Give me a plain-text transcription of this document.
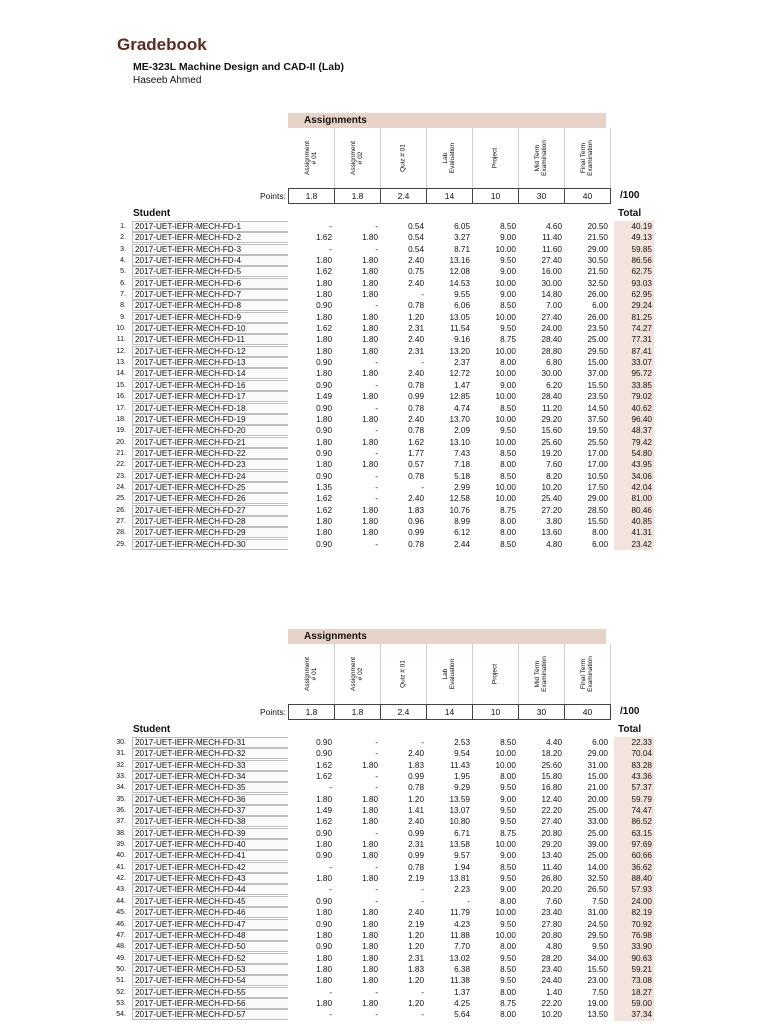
Gradebook
ME-323L Machine Design and CAD-II (Lab)
Haseeb Ahmed
Assignments
Assignment
# 01	Assignment
# 02	Quiz # 01	Lab
Evaluation	Project	Mid Term
Examination	Final Term
Examination
Points:	1.8	1.8	2.4	14	10	30	40	/100
Student	Total
1.	2017-UET-IEFR-MECH-FD-1	-	-	0.54	6.05	8.50	4.60	20.50	40.19
2.	2017-UET-IEFR-MECH-FD-2	1.62	1.80	0.54	3.27	9.00	11.40	21.50	49.13
3.	2017-UET-IEFR-MECH-FD-3	-	-	0.54	8.71	10.00	11.60	29.00	59.85
4.	2017-UET-IEFR-MECH-FD-4	1.80	1.80	2.40	13.16	9.50	27.40	30.50	86.56
5.	2017-UET-IEFR-MECH-FD-5	1.62	1.80	0.75	12.08	9.00	16.00	21.50	62.75
6.	2017-UET-IEFR-MECH-FD-6	1.80	1.80	2.40	14.53	10.00	30.00	32.50	93.03
7.	2017-UET-IEFR-MECH-FD-7	1.80	1.80	-	9.55	9.00	14.80	26.00	62.95
8.	2017-UET-IEFR-MECH-FD-8	0.90	-	0.78	6.06	8.50	7.00	6.00	29.24
9.	2017-UET-IEFR-MECH-FD-9	1.80	1.80	1.20	13.05	10.00	27.40	26.00	81.25
10.	2017-UET-IEFR-MECH-FD-10	1.62	1.80	2.31	11.54	9.50	24.00	23.50	74.27
11.	2017-UET-IEFR-MECH-FD-11	1.80	1.80	2.40	9.16	8.75	28.40	25.00	77.31
12.	2017-UET-IEFR-MECH-FD-12	1.80	1.80	2.31	13.20	10.00	28.80	29.50	87.41
13.	2017-UET-IEFR-MECH-FD-13	0.90	-	-	2.37	8.00	6.80	15.00	33.07
14.	2017-UET-IEFR-MECH-FD-14	1.80	1.80	2.40	12.72	10.00	30.00	37.00	95.72
15.	2017-UET-IEFR-MECH-FD-16	0.90	-	0.78	1.47	9.00	6.20	15.50	33.85
16.	2017-UET-IEFR-MECH-FD-17	1.49	1.80	0.99	12.85	10.00	28.40	23.50	79.02
17.	2017-UET-IEFR-MECH-FD-18	0.90	-	0.78	4.74	8.50	11.20	14.50	40.62
18.	2017-UET-IEFR-MECH-FD-19	1.80	1.80	2.40	13.70	10.00	29.20	37.50	96.40
19.	2017-UET-IEFR-MECH-FD-20	0.90	-	0.78	2.09	9.50	15.60	19.50	48.37
20.	2017-UET-IEFR-MECH-FD-21	1.80	1.80	1.62	13.10	10.00	25.60	25.50	79.42
21.	2017-UET-IEFR-MECH-FD-22	0.90	-	1.77	7.43	8.50	19.20	17.00	54.80
22.	2017-UET-IEFR-MECH-FD-23	1.80	1.80	0.57	7.18	8.00	7.60	17.00	43.95
23.	2017-UET-IEFR-MECH-FD-24	0.90	-	0.78	5.18	8.50	8.20	10.50	34.06
24.	2017-UET-IEFR-MECH-FD-25	1.35	-	-	2.99	10.00	10.20	17.50	42.04
25.	2017-UET-IEFR-MECH-FD-26	1.62	-	2.40	12.58	10.00	25.40	29.00	81.00
26.	2017-UET-IEFR-MECH-FD-27	1.62	1.80	1.83	10.76	8.75	27.20	28.50	80.46
27.	2017-UET-IEFR-MECH-FD-28	1.80	1.80	0.96	8.99	8.00	3.80	15.50	40.85
28.	2017-UET-IEFR-MECH-FD-29	1.80	1.80	0.99	6.12	8.00	13.60	8.00	41.31
29.	2017-UET-IEFR-MECH-FD-30	0.90	-	0.78	2.44	8.50	4.80	6.00	23.42
Assignments
Assignment
# 01	Assignment
# 02	Quiz # 01	Lab
Evaluation	Project	Mid Term
Examination	Final Term
Examination
Points:	1.8	1.8	2.4	14	10	30	40	/100
Student	Total
30.	2017-UET-IEFR-MECH-FD-31	0.90	-	-	2.53	8.50	4.40	6.00	22.33
31.	2017-UET-IEFR-MECH-FD-32	0.90	-	2.40	9.54	10.00	18.20	29.00	70.04
32.	2017-UET-IEFR-MECH-FD-33	1.62	1.80	1.83	11.43	10.00	25.60	31.00	83.28
33.	2017-UET-IEFR-MECH-FD-34	1.62	-	0.99	1.95	8.00	15.80	15.00	43.36
34.	2017-UET-IEFR-MECH-FD-35	-	-	0.78	9.29	9.50	16.80	21.00	57.37
35.	2017-UET-IEFR-MECH-FD-36	1.80	1.80	1.20	13.59	9.00	12.40	20.00	59.79
36.	2017-UET-IEFR-MECH-FD-37	1.49	1.80	1.41	13.07	9.50	22.20	25.00	74.47
37.	2017-UET-IEFR-MECH-FD-38	1.62	1.80	2.40	10.80	9.50	27.40	33.00	86.52
38.	2017-UET-IEFR-MECH-FD-39	0.90	-	0.99	6.71	8.75	20.80	25.00	63.15
39.	2017-UET-IEFR-MECH-FD-40	1.80	1.80	2.31	13.58	10.00	29.20	39.00	97.69
40.	2017-UET-IEFR-MECH-FD-41	0.90	1.80	0.99	9.57	9.00	13.40	25.00	60.66
41.	2017-UET-IEFR-MECH-FD-42	-	-	0.78	1.94	8.50	11.40	14.00	36.62
42.	2017-UET-IEFR-MECH-FD-43	1.80	1.80	2.19	13.81	9.50	26.80	32.50	88.40
43.	2017-UET-IEFR-MECH-FD-44	-	-	-	2.23	9.00	20.20	26.50	57.93
44.	2017-UET-IEFR-MECH-FD-45	0.90	-	-	-	8.00	7.60	7.50	24.00
45.	2017-UET-IEFR-MECH-FD-46	1.80	1.80	2.40	11.79	10.00	23.40	31.00	82.19
46.	2017-UET-IEFR-MECH-FD-47	0.90	1.80	2.19	4.23	9.50	27.80	24.50	70.92
47.	2017-UET-IEFR-MECH-FD-48	1.80	1.80	1.20	11.88	10.00	20.80	29.50	76.98
48.	2017-UET-IEFR-MECH-FD-50	0.90	1.80	1.20	7.70	8.00	4.80	9.50	33.90
49.	2017-UET-IEFR-MECH-FD-52	1.80	1.80	2.31	13.02	9.50	28.20	34.00	90.63
50.	2017-UET-IEFR-MECH-FD-53	1.80	1.80	1.83	6.38	8.50	23.40	15.50	59.21
51.	2017-UET-IEFR-MECH-FD-54	1.80	1.80	1.20	11.38	9.50	24.40	23.00	73.08
52.	2017-UET-IEFR-MECH-FD-55	-	-	-	1.37	8.00	1.40	7.50	18.27
53.	2017-UET-IEFR-MECH-FD-56	1.80	1.80	1.20	4.25	8.75	22.20	19.00	59.00
54.	2017-UET-IEFR-MECH-FD-57	-	-	-	5.64	8.00	10.20	13.50	37.34
